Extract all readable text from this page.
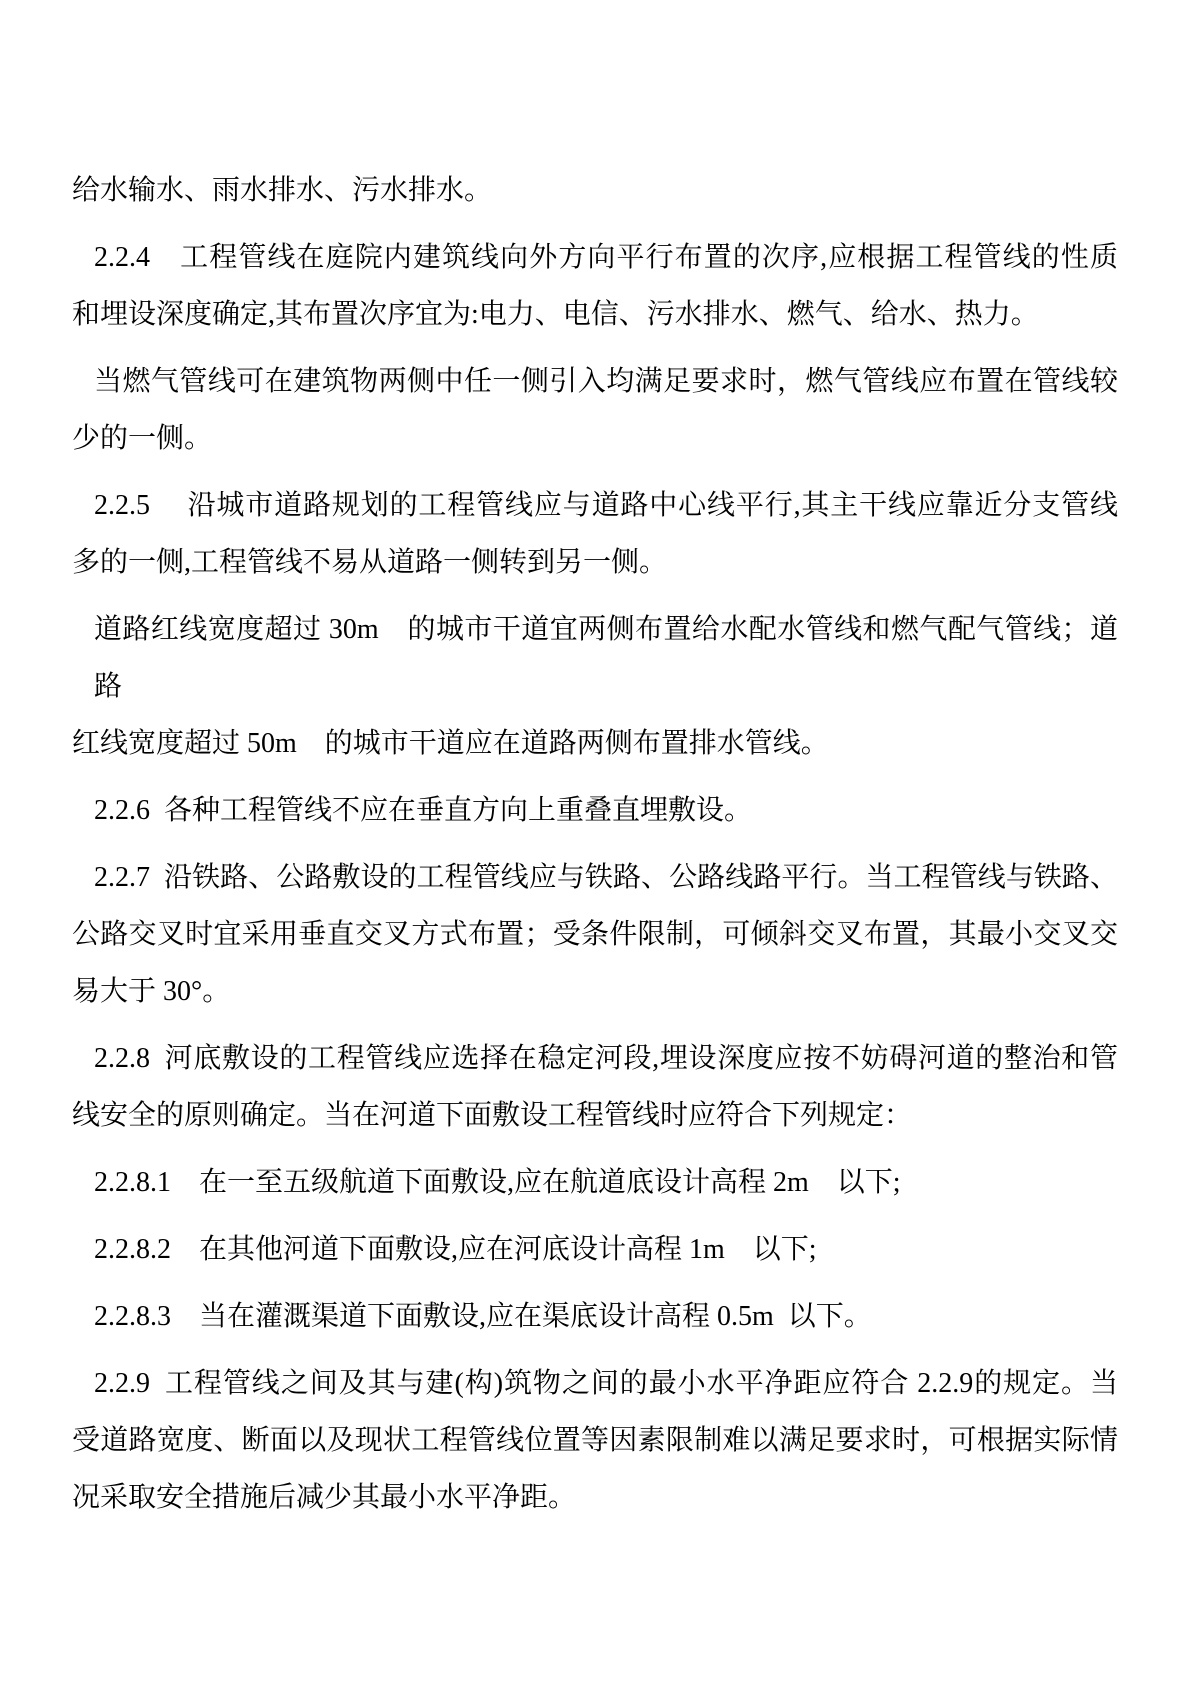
给水输水、雨水排水、污水排水。
2.2.4　工程管线在庭院内建筑线向外方向平行布置的次序,应根据工程管线的性质
和埋设深度确定,其布置次序宜为:电力、电信、污水排水、燃气、给水、热力。
当燃气管线可在建筑物两侧中任一侧引入均满足要求时，燃气管线应布置在管线较
少的一侧。
2.2.5　 沿城市道路规划的工程管线应与道路中心线平行,其主干线应靠近分支管线
多的一侧,工程管线不易从道路一侧转到另一侧。
道路红线宽度超过 30m　的城市干道宜两侧布置给水配水管线和燃气配气管线；道路
红线宽度超过 50m　的城市干道应在道路两侧布置排水管线。
2.2.6 各种工程管线不应在垂直方向上重叠直埋敷设。
2.2.7 沿铁路、公路敷设的工程管线应与铁路、公路线路平行。当工程管线与铁路、
公路交叉时宜采用垂直交叉方式布置；受条件限制，可倾斜交叉布置，其最小交叉交
易大于 30°。
2.2.8 河底敷设的工程管线应选择在稳定河段,埋设深度应按不妨碍河道的整治和管
线安全的原则确定。当在河道下面敷设工程管线时应符合下列规定：
2.2.8.1　在一至五级航道下面敷设,应在航道底设计高程 2m　以下;
2.2.8.2　在其他河道下面敷设,应在河底设计高程 1m　以下;
2.2.8.3　当在灌溉渠道下面敷设,应在渠底设计高程 0.5m 以下。
2.2.9 工程管线之间及其与建(构)筑物之间的最小水平净距应符合 2.2.9的规定。当
受道路宽度、断面以及现状工程管线位置等因素限制难以满足要求时，可根据实际情
况采取安全措施后减少其最小水平净距。
